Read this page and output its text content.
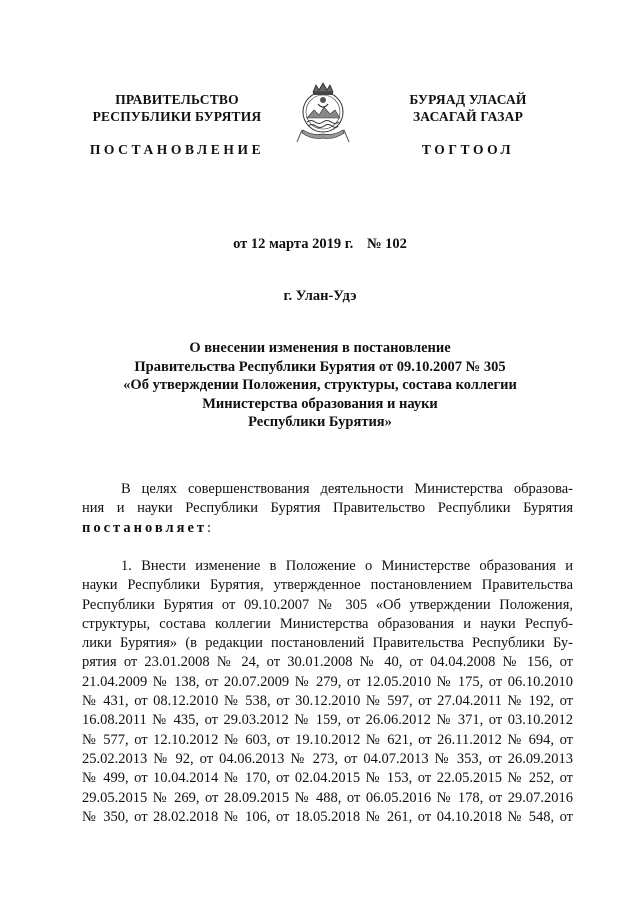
ПРАВИТЕЛЬСТВО
РЕСПУБЛИКИ БУРЯТИЯ
БУРЯАД УЛАСАЙ
ЗАСАГАЙ ГАЗАР
ПОСТАНОВЛЕНИЕ	ТОГТООЛ
от 12 марта 2019 г. № 102
г. Улан-Удэ
О внесении изменения в постановление
Правительства Республики Бурятия от 09.10.2007 № 305
«Об утверждении Положения, структуры, состава коллегии
Министерства образования и науки
Республики Бурятия»
В целях совершенствования деятельности Министерства образова-
ния и науки Республики Бурятия Правительство Республики Бурятия
постановляет:
1. Внести изменение в Положение о Министерстве образования и
науки Республики Бурятия, утвержденное постановлением Правительства
Республики Бурятия от 09.10.2007 № 305 «Об утверждении Положения,
структуры, состава коллегии Министерства образования и науки Респуб-
лики Бурятия» (в редакции постановлений Правительства Республики Бу-
рятия от 23.01.2008 № 24, от 30.01.2008 № 40, от 04.04.2008 № 156, от
21.04.2009 № 138, от 20.07.2009 № 279, от 12.05.2010 № 175, от 06.10.2010
№ 431, от 08.12.2010 № 538, от 30.12.2010 № 597, от 27.04.2011 № 192, от
16.08.2011 № 435, от 29.03.2012 № 159, от 26.06.2012 № 371, от 03.10.2012
№ 577, от 12.10.2012 № 603, от 19.10.2012 № 621, от 26.11.2012 № 694, от
25.02.2013 № 92, от 04.06.2013 № 273, от 04.07.2013 № 353, от 26.09.2013
№ 499, от 10.04.2014 № 170, от 02.04.2015 № 153, от 22.05.2015 № 252, от
29.05.2015 № 269, от 28.09.2015 № 488, от 06.05.2016 № 178, от 29.07.2016
№ 350, от 28.02.2018 № 106, от 18.05.2018 № 261, от 04.10.2018 № 548, от
